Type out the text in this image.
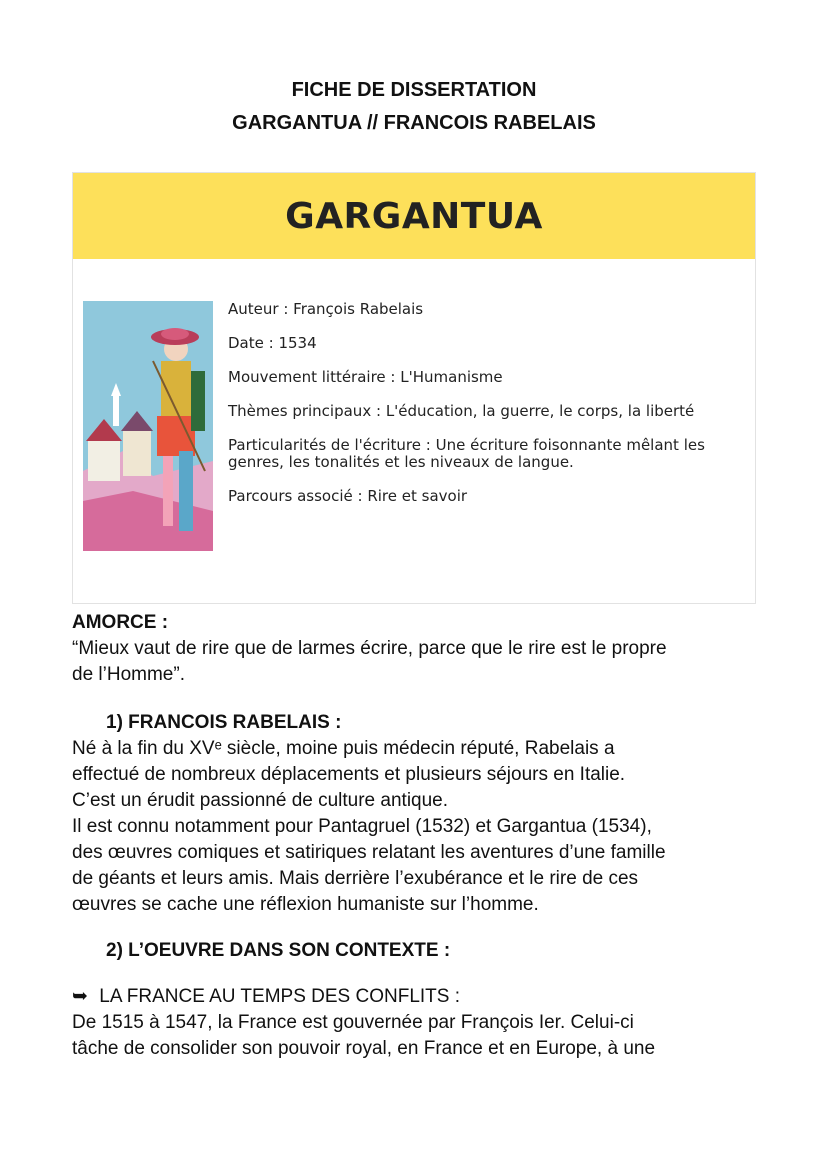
FICHE DE DISSERTATION
GARGANTUA // FRANCOIS RABELAIS
GARGANTUA
Auteur : François Rabelais
Date : 1534
Mouvement littéraire : L'Humanisme
Thèmes principaux : L'éducation, la guerre, le corps, la liberté
Particularités de l'écriture : Une écriture foisonnante mêlant les genres, les tonalités et les niveaux de langue.
Parcours associé : Rire et savoir
AMORCE :
“Mieux vaut de rire que de larmes écrire, parce que le rire est le propre
de l’Homme”.
1) FRANCOIS RABELAIS :
Né à la fin du XVᵉ siècle, moine puis médecin réputé, Rabelais a
effectué de nombreux déplacements et plusieurs séjours en Italie.
C’est un érudit passionné de culture antique.
Il est connu notamment pour Pantagruel (1532) et Gargantua (1534),
des œuvres comiques et satiriques relatant les aventures d’une famille
de géants et leurs amis. Mais derrière l’exubérance et le rire de ces
œuvres se cache une réflexion humaniste sur l’homme.
2) L’OEUVRE DANS SON CONTEXTE :
➥ LA FRANCE AU TEMPS DES CONFLITS :
De 1515 à 1547, la France est gouvernée par François Ier. Celui-ci
tâche de consolider son pouvoir royal, en France et en Europe, à une
